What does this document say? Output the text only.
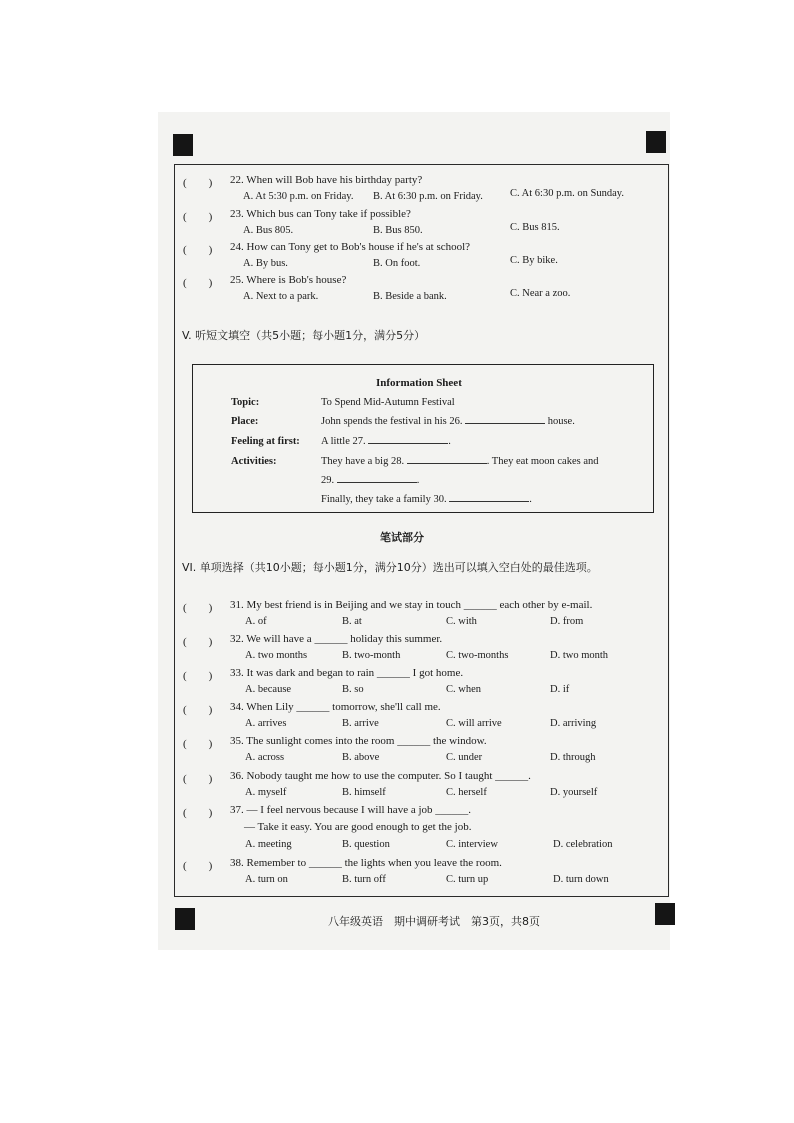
(　　) 22. When will Bob have his birthday party?
A. At 5:30 p.m. on Friday. B. At 6:30 p.m. on Friday.	C. At 6:30 p.m. on Sunday.
(　　) 23. Which bus can Tony take if possible?
A. Bus 805.	B. Bus 850.	C. Bus 815.
(　　) 24. How can Tony get to Bob's house if he's at school?
A. By bus.	B. On foot.	C. By bike.
(　　) 25. Where is Bob's house?
A. Next to a park.	B. Beside a bank.	C. Near a zoo.
V. 听短文填空（共5小题；每小题1分，满分5分）
Information Sheet
Topic:	To Spend Mid-Autumn Festival
Place:	John spends the festival in his 26.	house.
Feeling at first: A little 27.	.
Activities:	They have a big 28.	. They eat moon cakes and
29.	.
Finally, they take a family 30.	.
笔试部分
VI. 单项选择（共10小题；每小题1分，满分10分）选出可以填入空白处的最佳选项。
(　　) 31. My best friend is in Beijing and we stay in touch ______ each other by e-mail.
A. of	B. at	C. with	D. from
(　　) 32. We will have a ______ holiday this summer.
A. two months	B. two-month	C. two-months	D. two month
(　　) 33. It was dark and began to rain ______ I got home.
A. because	B. so	C. when	D. if
(　　) 34. When Lily ______ tomorrow, she'll call me.
A. arrives	B. arrive	C. will arrive	D. arriving
(　　) 35. The sunlight comes into the room ______ the window.
A. across	B. above	C. under	D. through
(　　) 36. Nobody taught me how to use the computer. So I taught ______.
A. myself	B. himself	C. herself	D. yourself
(　　) 37. — I feel nervous because I will have a job ______.
— Take it easy. You are good enough to get the job.
A. meeting	B. question	C. interview	D. celebration
(　　) 38. Remember to ______ the lights when you leave the room.
A. turn on	B. turn off	C. turn up	D. turn down
八年级英语　期中调研考试　第3页，共8页
